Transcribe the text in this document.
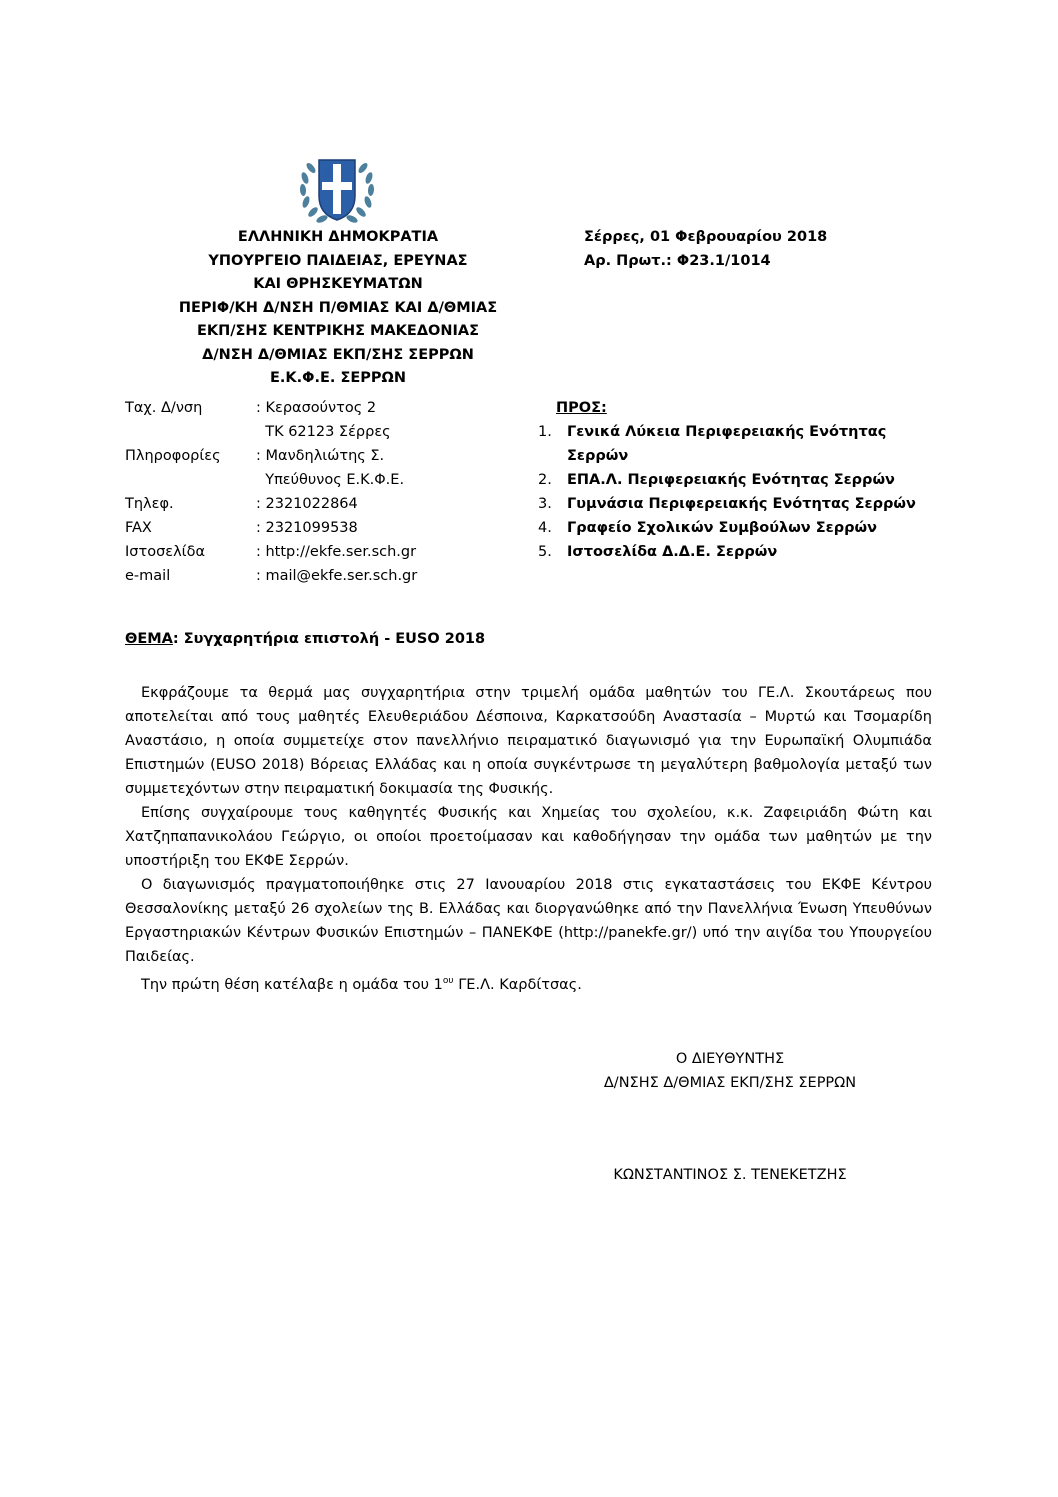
ΕΛΛΗΝΙΚΗ ΔΗΜΟΚΡΑΤΙΑ
ΥΠΟΥΡΓΕΙΟ ΠΑΙΔΕΙΑΣ, ΕΡΕΥΝΑΣ
ΚΑΙ ΘΡΗΣΚΕΥΜΑΤΩΝ
ΠΕΡΙΦ/ΚΗ Δ/ΝΣΗ Π/ΘΜΙΑΣ ΚΑΙ Δ/ΘΜΙΑΣ
ΕΚΠ/ΣΗΣ ΚΕΝΤΡΙΚΗΣ ΜΑΚΕΔΟΝΙΑΣ
Δ/ΝΣΗ Δ/ΘΜΙΑΣ ΕΚΠ/ΣΗΣ ΣΕΡΡΩΝ
Ε.Κ.Φ.Ε. ΣΕΡΡΩΝ
Σέρρες, 01 Φεβρουαρίου 2018
Αρ. Πρωτ.: Φ23.1/1014
Ταχ. Δ/νση	: Κερασούντος 2
ΤΚ 62123 Σέρρες
Πληροφορίες : Μανδηλιώτης Σ.
Υπεύθυνος Ε.Κ.Φ.Ε.
Τηλεφ.	: 2321022864
FAX	: 2321099538
Ιστοσελίδα	: http://ekfe.ser.sch.gr
e-mail	: mail@ekfe.ser.sch.gr
ΠΡΟΣ:
1. Γενικά Λύκεια Περιφερειακής Ενότητας
Σερρών
2. ΕΠΑ.Λ. Περιφερειακής Ενότητας Σερρών
3. Γυμνάσια Περιφερειακής Ενότητας Σερρών
4. Γραφείο Σχολικών Συμβούλων Σερρών
5. Ιστοσελίδα Δ.Δ.Ε. Σερρών
ΘΕΜΑ: Συγχαρητήρια επιστολή - EUSO 2018

Εκφράζουμε τα θερμά μας συγχαρητήρια στην τριμελή ομάδα μαθητών του ΓΕ.Λ. Σκουτάρεως που αποτελείται από τους μαθητές Ελευθεριάδου Δέσποινα, Καρκατσούδη Αναστασία – Μυρτώ και Τσομαρίδη Αναστάσιο, η οποία συμμετείχε στον πανελλήνιο πειραματικό διαγωνισμό για την Ευρωπαϊκή Ολυμπιάδα Επιστημών (EUSO 2018) Βόρειας Ελλάδας και η οποία συγκέντρωσε τη μεγαλύτερη βαθμολογία μεταξύ των συμμετεχόντων στην πειραματική δοκιμασία της Φυσικής.

Επίσης συγχαίρουμε τους καθηγητές Φυσικής και Χημείας του σχολείου, κ.κ. Ζαφειριάδη Φώτη και Χατζηπαπανικολάου Γεώργιο, οι οποίοι προετοίμασαν και καθοδήγησαν την ομάδα των μαθητών με την υποστήριξη του ΕΚΦΕ Σερρών.

Ο διαγωνισμός πραγματοποιήθηκε στις 27 Ιανουαρίου 2018 στις εγκαταστάσεις του ΕΚΦΕ Κέντρου Θεσσαλονίκης μεταξύ 26 σχολείων της Β. Ελλάδας και διοργανώθηκε από την Πανελλήνια Ένωση Υπευθύνων Εργαστηριακών Κέντρων Φυσικών Επιστημών – ΠΑΝΕΚΦΕ (http://panekfe.gr/) υπό την αιγίδα του Υπουργείου Παιδείας.

Την πρώτη θέση κατέλαβε η ομάδα του $1^{o\upsilon}$ ΓΕ.Λ. Καρδίτσας.

Ο ΔΙΕΥΘΥΝΤΗΣ
Δ/ΝΣΗΣ Δ/ΘΜΙΑΣ ΕΚΠ/ΣΗΣ ΣΕΡΡΩΝ
ΚΩΝΣΤΑΝΤΙΝΟΣ Σ. ΤΕΝΕΚΕΤΖΗΣ
